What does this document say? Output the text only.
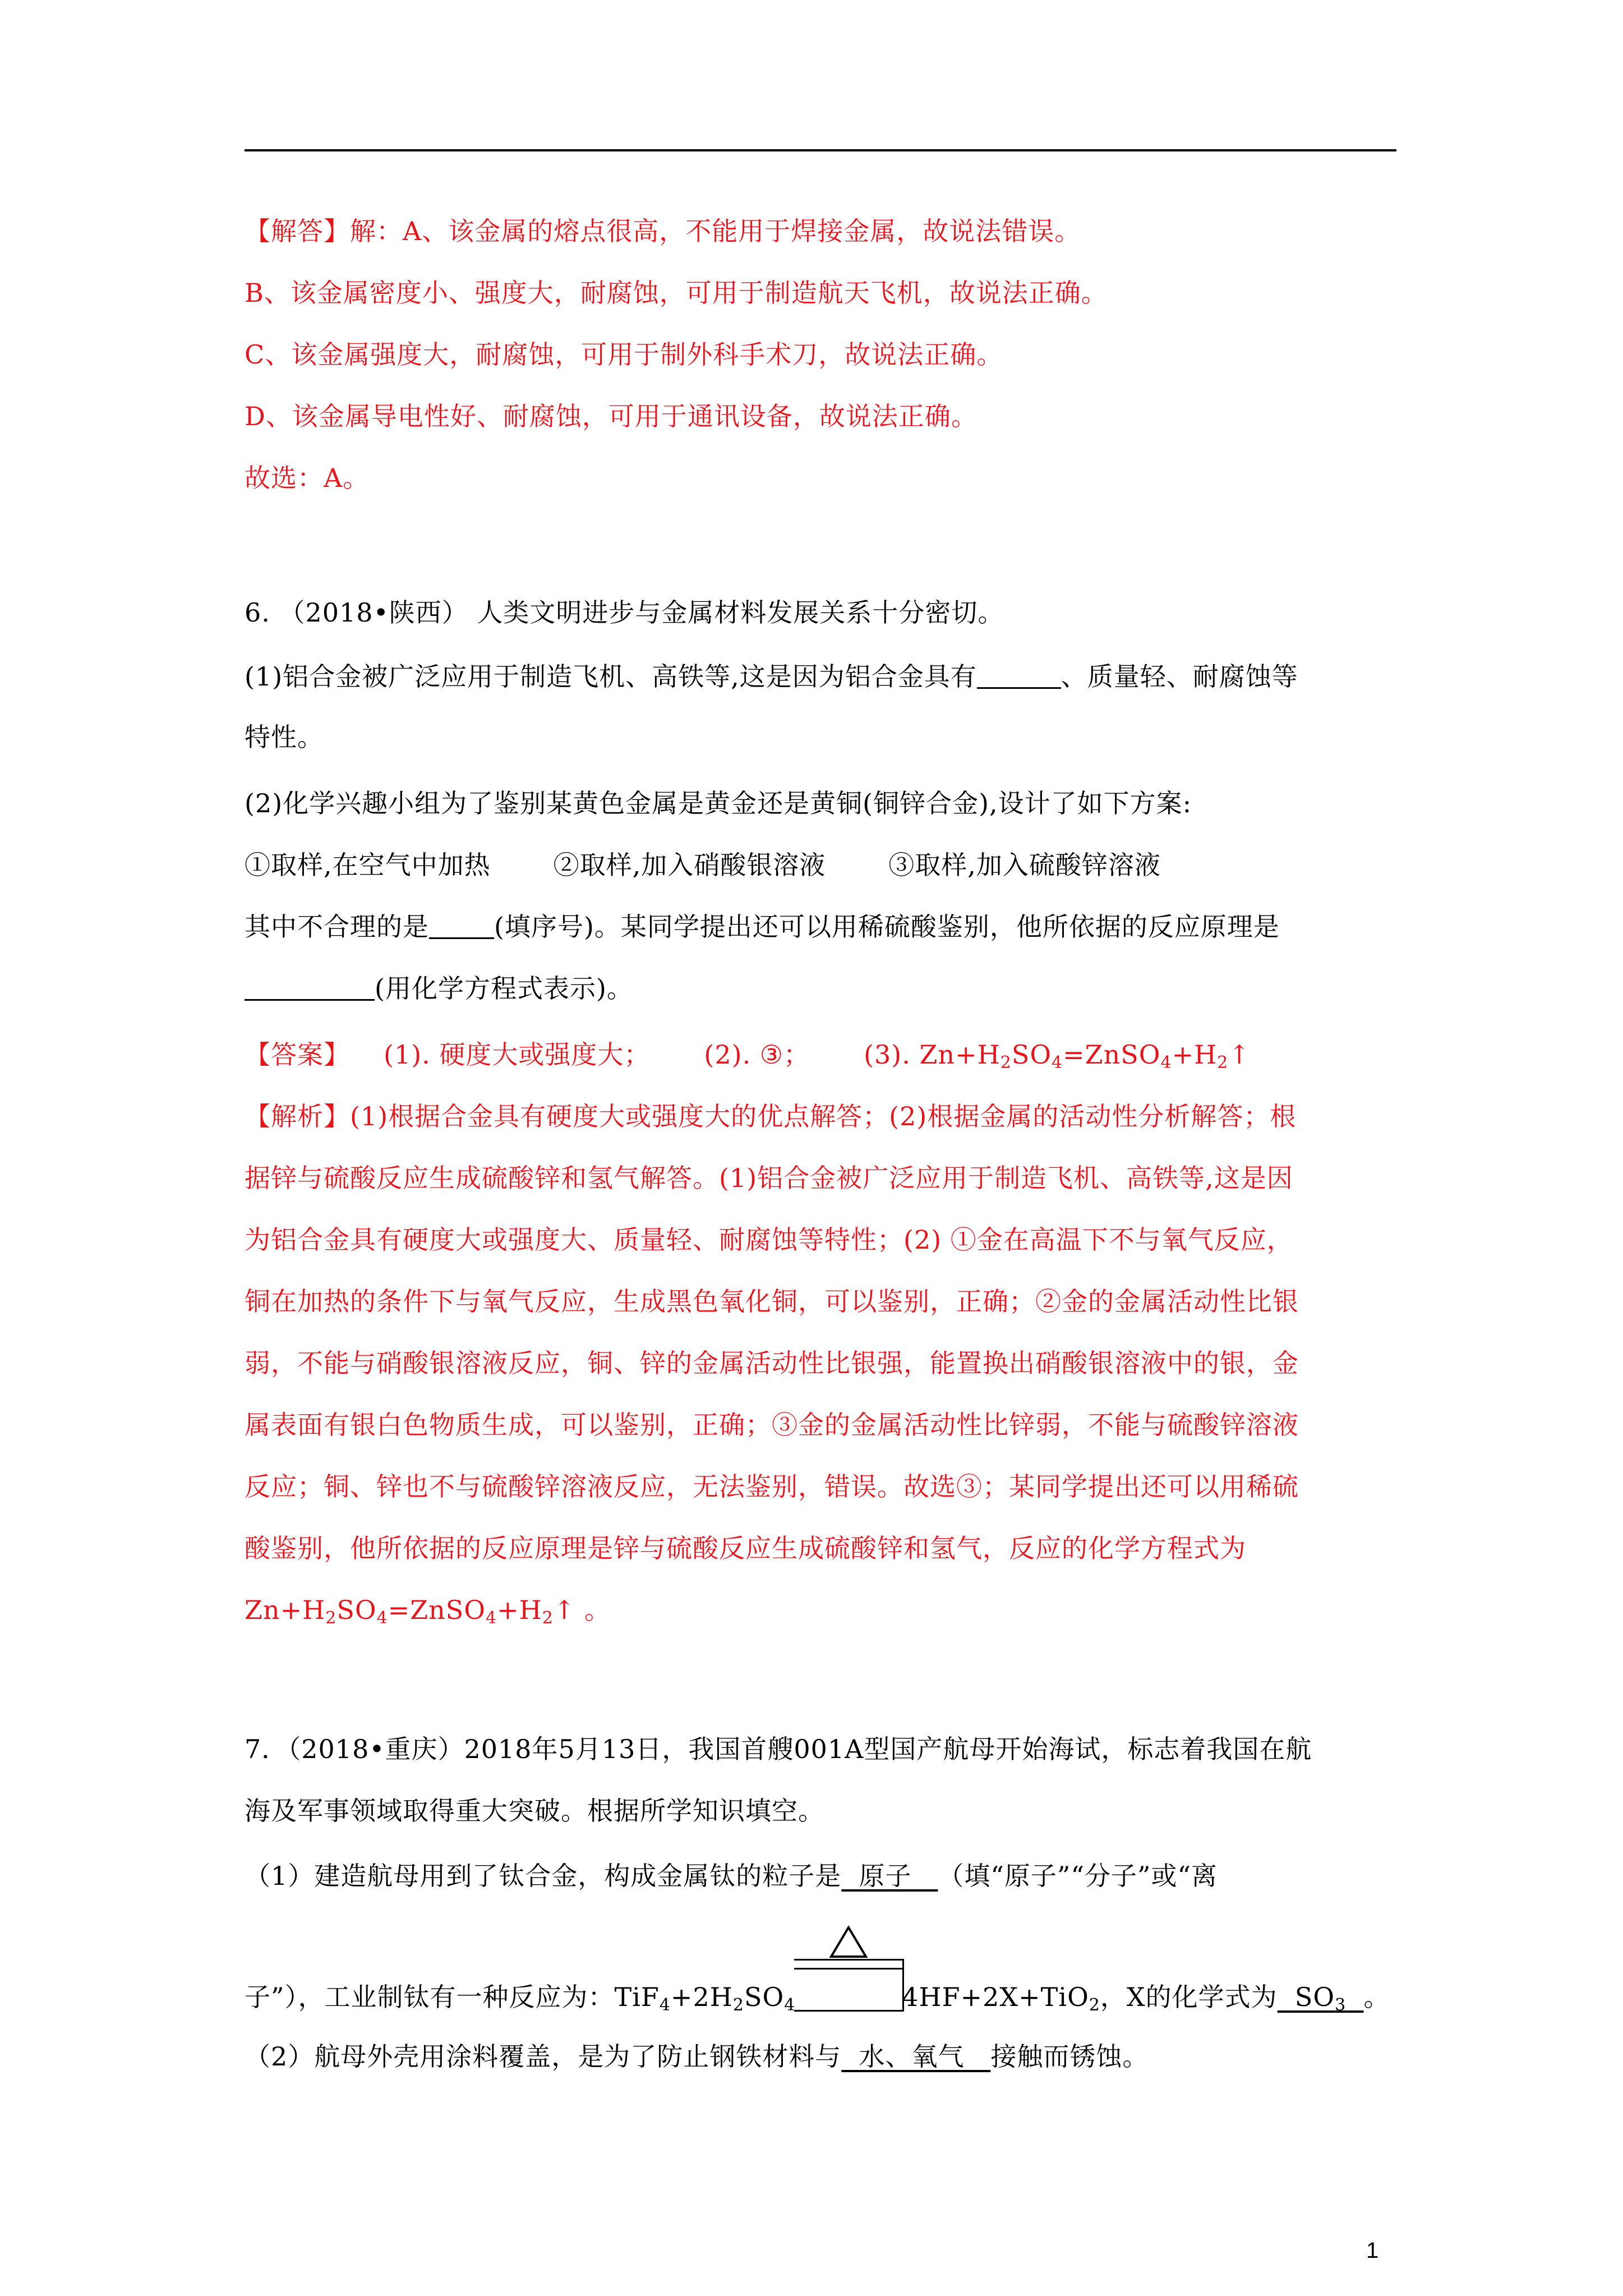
【解答】解：A、该金属的熔点很高，不能用于焊接金属，故说法错误。
B、该金属密度小、强度大，耐腐蚀，可用于制造航天飞机，故说法正确。
C、该金属强度大，耐腐蚀，可用于制外科手术刀，故说法正确。
D、该金属导电性好、耐腐蚀，可用于通讯设备，故说法正确。
故选：A。
6. （2018•陕西） 人类文明进步与金属材料发展关系十分密切。
(1)铝合金被广泛应用于制造飞机、高铁等,这是因为铝合金具有	、质量轻、耐腐蚀等
特性。
(2)化学兴趣小组为了鉴别某黄色金属是黄金还是黄铜(铜锌合金),设计了如下方案:
①取样,在空气中加热 ②取样,加入硝酸银溶液 ③取样,加入硫酸锌溶液
其中不合理的是	(填序号)。某同学提出还可以用稀硫酸鉴别，他所依据的反应原理是
(用化学方程式表示)。
【答案】 (1). 硬度大或强度大； (2). ③； (3). $Zn+H_2SO_4=ZnSO_4+H_2↑$
【解析】(1)根据合金具有硬度大或强度大的优点解答；(2)根据金属的活动性分析解答；根
据锌与硫酸反应生成硫酸锌和氢气解答。(1)铝合金被广泛应用于制造飞机、高铁等,这是因
为铝合金具有硬度大或强度大、质量轻、耐腐蚀等特性；(2) ①金在高温下不与氧气反应，
铜在加热的条件下与氧气反应，生成黑色氧化铜，可以鉴别，正确；②金的金属活动性比银
弱，不能与硝酸银溶液反应，铜、锌的金属活动性比银强，能置换出硝酸银溶液中的银，金
属表面有银白色物质生成，可以鉴别，正确；③金的金属活动性比锌弱，不能与硫酸锌溶液
反应；铜、锌也不与硫酸锌溶液反应，无法鉴别，错误。故选③；某同学提出还可以用稀硫
酸鉴别，他所依据的反应原理是锌与硫酸反应生成硫酸锌和氢气，反应的化学方程式为
$Zn+H_2SO_4=ZnSO_4+H_2↑$ 。
7．（2018•重庆）2018年5月13日，我国首艘001A型国产航母开始海试，标志着我国在航
海及军事领域取得重大突破。根据所学知识填空。
（1）建造航母用到了钛合金，构成金属钛的粒子是 原子 （填“原子”“分子”或“离
子”），工业制钛有一种反应为：$TiF_4+2H_2SO_4$	4HF+2X+TiO$_2$，X的化学式为 $SO_3$ 。
（2）航母外壳用涂料覆盖，是为了防止钢铁材料与 水、氧气 接触而锈蚀。
1
